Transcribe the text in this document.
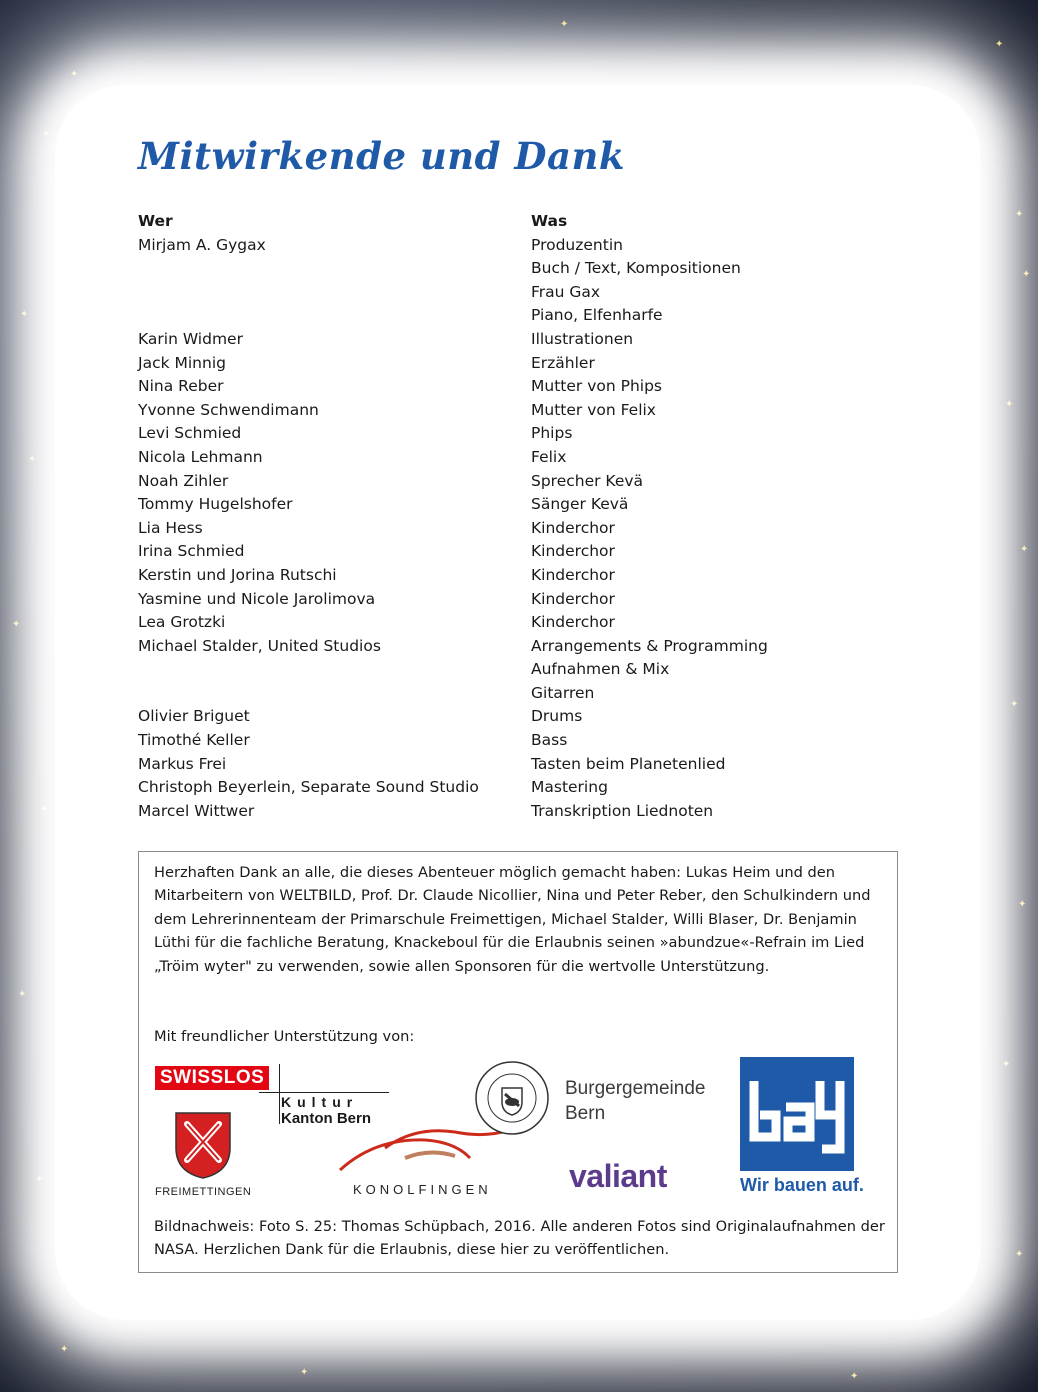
✦
✦
✦
✦
✦
✦
✦
✦
✦
✦
✦
✦
✦
✦
✦
✦
✦
✦
✦
✦
✦
Mitwirkende und Dank
Wer
Mirjam A. Gygax
Karin Widmer
Jack Minnig
Nina Reber
Yvonne Schwendimann
Levi Schmied
Nicola Lehmann
Noah Zihler
Tommy Hugelshofer
Lia Hess
Irina Schmied
Kerstin und Jorina Rutschi
Yasmine und Nicole Jarolimova
Lea Grotzki
Michael Stalder, United Studios
Olivier Briguet
Timothé Keller
Markus Frei
Christoph Beyerlein, Separate Sound Studio
Marcel Wittwer
Was
Produzentin
Buch / Text, Kompositionen
Frau Gax
Piano, Elfenharfe
Illustrationen
Erzähler
Mutter von Phips
Mutter von Felix
Phips
Felix
Sprecher Kevä
Sänger Kevä
Kinderchor
Kinderchor
Kinderchor
Kinderchor
Kinderchor
Arrangements & Programming
Aufnahmen & Mix
Gitarren
Drums
Bass
Tasten beim Planetenlied
Mastering
Transkription Liednoten

Herzhaften Dank an alle, die dieses Abenteuer möglich gemacht haben: Lukas Heim und den Mitarbeitern von WELTBILD, Prof. Dr. Claude Nicollier, Nina und Peter Reber, den Schulkindern und dem Lehrerinnenteam der Primarschule Freimettigen, Michael Stalder, Willi Blaser, Dr. Benjamin Lüthi für die fachliche Beratung, Knackeboul für die Erlaubnis seinen »abundzue«-Refrain im Lied „Tröim wyter" zu verwenden, sowie allen Sponsoren für die wertvolle Unterstützung.

Mit freundlicher Unterstützung von:

SWISSLOS
Kultur
Kanton Bern
FREIMETTINGEN	KONOLFINGEN
Burgergemeinde
Bern
valiant	Wir bauen auf.

Bildnachweis: Foto S. 25: Thomas Schüpbach, 2016. Alle anderen Fotos sind Originalaufnahmen der NASA. Herzlichen Dank für die Erlaubnis, diese hier zu veröffentlichen.
